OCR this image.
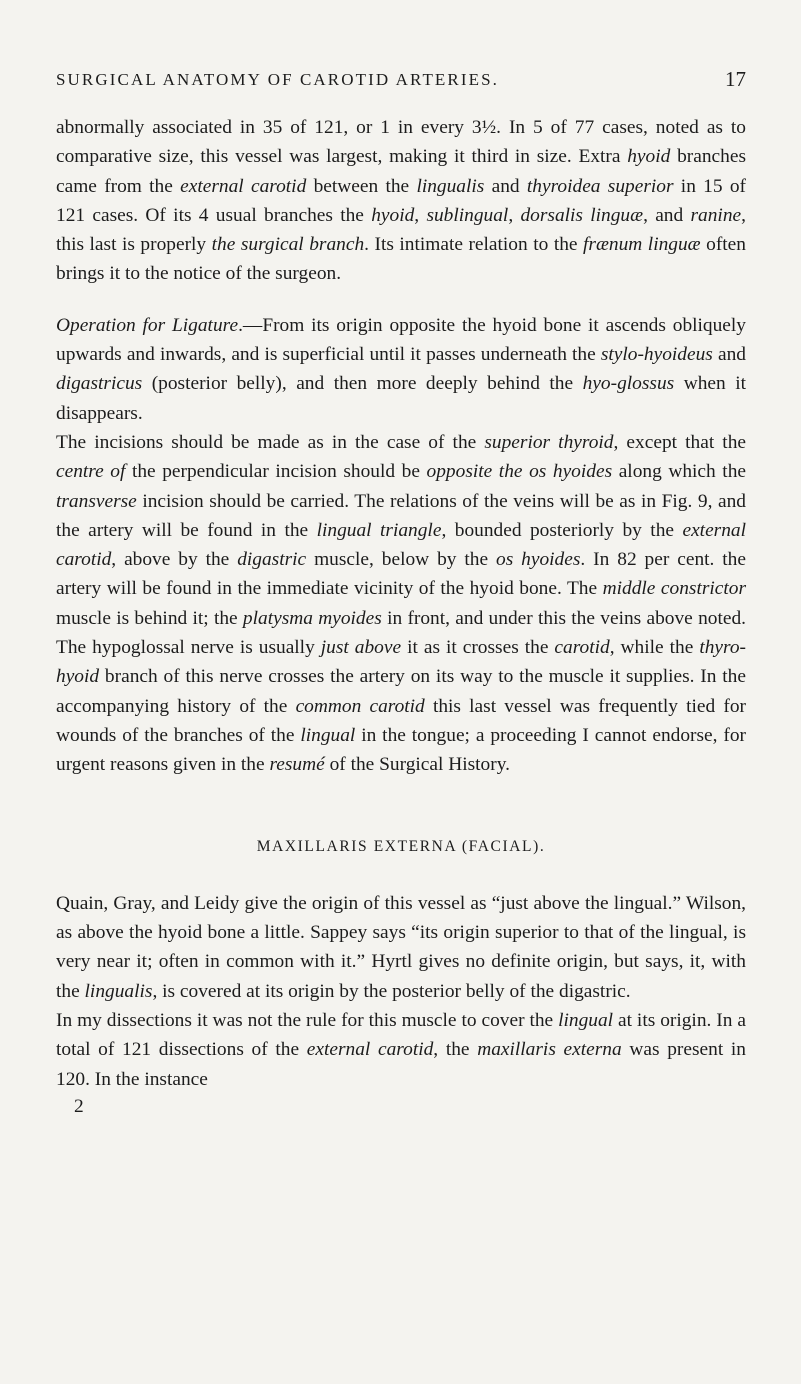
SURGICAL ANATOMY OF CAROTID ARTERIES.	17

abnormally associated in 35 of 121, or 1 in every 3½. In 5 of 77 cases, noted as to comparative size, this vessel was largest, making it third in size. Extra hyoid branches came from the external carotid between the lingualis and thyroidea superior in 15 of 121 cases. Of its 4 usual branches the hyoid, sublingual, dorsalis linguæ, and ranine, this last is properly the surgical branch. Its intimate relation to the frænum linguæ often brings it to the notice of the surgeon.

Operation for Ligature.—From its origin opposite the hyoid bone it ascends obliquely upwards and inwards, and is superficial until it passes underneath the stylo-hyoideus and digastricus (posterior belly), and then more deeply behind the hyo-glossus when it disappears.

The incisions should be made as in the case of the superior thyroid, except that the centre of the perpendicular incision should be opposite the os hyoides along which the transverse incision should be carried. The relations of the veins will be as in Fig. 9, and the artery will be found in the lingual triangle, bounded posteriorly by the external carotid, above by the digastric muscle, below by the os hyoides. In 82 per cent. the artery will be found in the immediate vicinity of the hyoid bone. The middle constrictor muscle is behind it; the platysma myoides in front, and under this the veins above noted. The hypoglossal nerve is usually just above it as it crosses the carotid, while the thyro-hyoid branch of this nerve crosses the artery on its way to the muscle it supplies. In the accompanying history of the common carotid this last vessel was frequently tied for wounds of the branches of the lingual in the tongue; a proceeding I cannot endorse, for urgent reasons given in the resumé of the Surgical History.

MAXILLARIS EXTERNA (FACIAL).

Quain, Gray, and Leidy give the origin of this vessel as “just above the lingual.” Wilson, as above the hyoid bone a little. Sappey says “its origin superior to that of the lingual, is very near it; often in common with it.” Hyrtl gives no definite origin, but says, it, with the lingualis, is covered at its origin by the posterior belly of the digastric.

In my dissections it was not the rule for this muscle to cover the lingual at its origin. In a total of 121 dissections of the external carotid, the maxillaris externa was present in 120. In the instance

2
